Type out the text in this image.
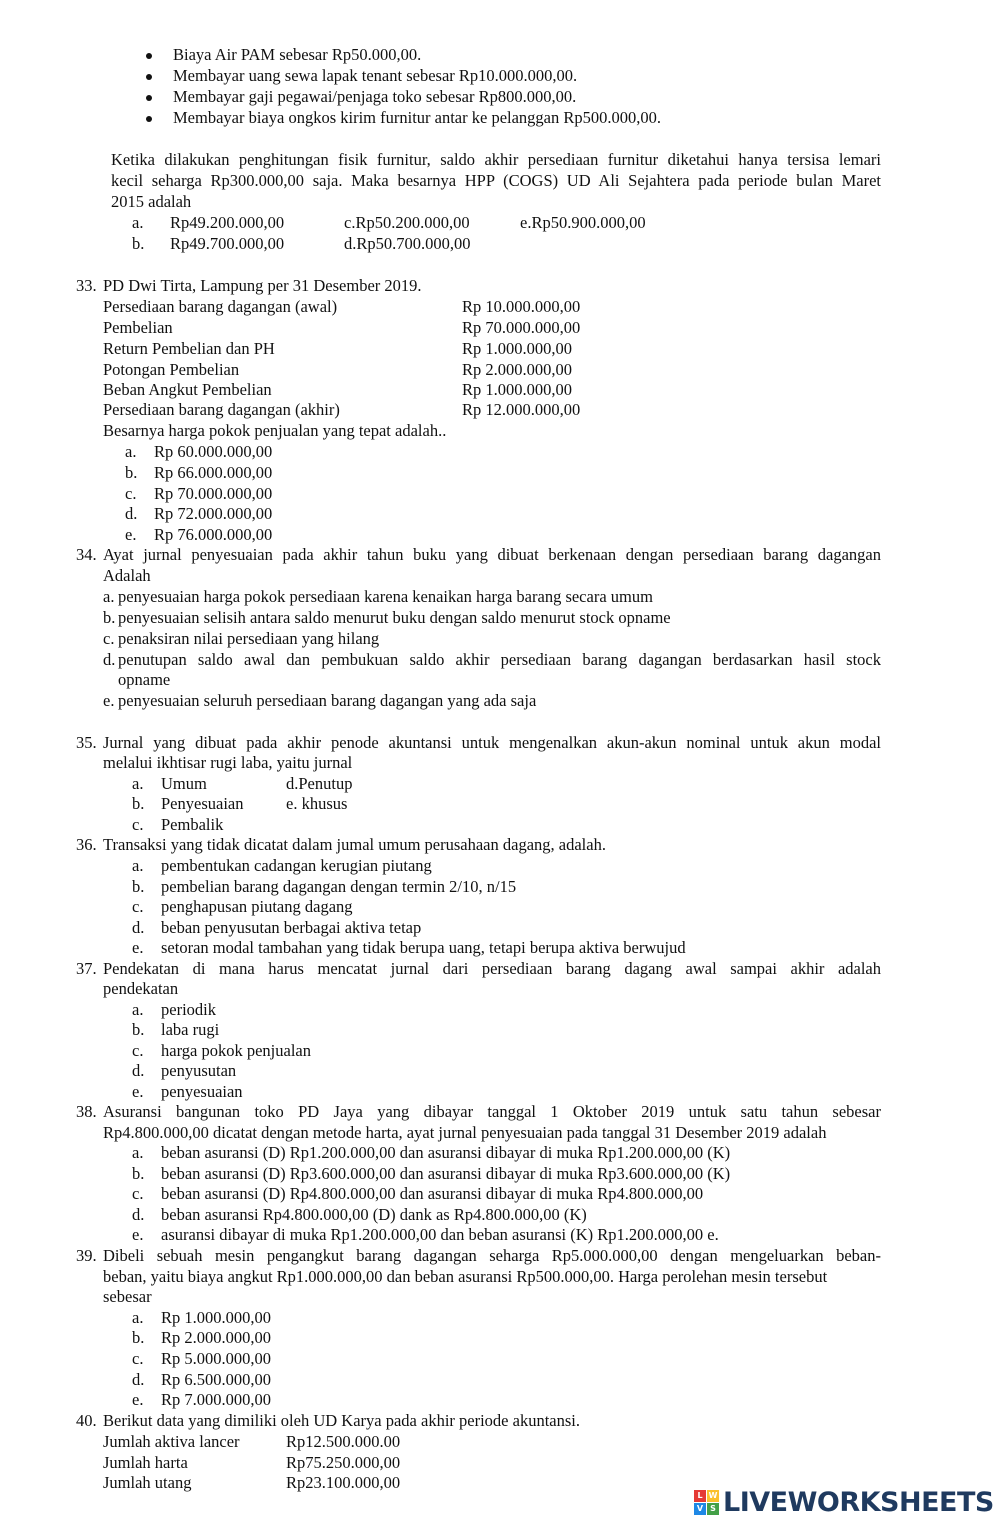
Biaya Air PAM sebesar Rp50.000,00.
Membayar uang sewa lapak tenant sebesar Rp10.000.000,00.
Membayar gaji pegawai/penjaga toko sebesar Rp800.000,00.
Membayar biaya ongkos kirim furnitur antar ke pelanggan Rp500.000,00.
Ketika dilakukan penghitungan fisik furnitur, saldo akhir persediaan furnitur diketahui hanya tersisa lemari
kecil seharga Rp300.000,00 saja. Maka besarnya HPP (COGS) UD Ali Sejahtera pada periode bulan Maret
2015 adalah
a. Rp49.200.000,00	c.Rp50.200.000,00	e.Rp50.900.000,00
b. Rp49.700.000,00	d.Rp50.700.000,00
33. PD Dwi Tirta, Lampung per 31 Desember 2019.
Persediaan barang dagangan (awal)	Rp 10.000.000,00
Pembelian	Rp 70.000.000,00
Return Pembelian dan PH	Rp 1.000.000,00
Potongan Pembelian	Rp 2.000.000,00
Beban Angkut Pembelian	Rp 1.000.000,00
Persediaan barang dagangan (akhir)	Rp 12.000.000,00
Besarnya harga pokok penjualan yang tepat adalah..
a. Rp 60.000.000,00
b. Rp 66.000.000,00
c. Rp 70.000.000,00
d. Rp 72.000.000,00
e. Rp 76.000.000,00
34. Ayat jurnal penyesuaian pada akhir tahun buku yang dibuat berkenaan dengan persediaan barang dagangan
Adalah
a. penyesuaian harga pokok persediaan karena kenaikan harga barang secara umum
b. penyesuaian selisih antara saldo menurut buku dengan saldo menurut stock opname
c. penaksiran nilai persediaan yang hilang
d. penutupan saldo awal dan pembukuan saldo akhir persediaan barang dagangan berdasarkan hasil stock
opname
e. penyesuaian seluruh persediaan barang dagangan yang ada saja
35. Jurnal yang dibuat pada akhir penode akuntansi untuk mengenalkan akun-akun nominal untuk akun modal
melalui ikhtisar rugi laba, yaitu jurnal
a. Umum	d.Penutup
b. Penyesuaian	e. khusus
c. Pembalik
36. Transaksi yang tidak dicatat dalam jumal umum perusahaan dagang, adalah.
a. pembentukan cadangan kerugian piutang
b. pembelian barang dagangan dengan termin 2/10, n/15
c. penghapusan piutang dagang
d. beban penyusutan berbagai aktiva tetap
e. setoran modal tambahan yang tidak berupa uang, tetapi berupa aktiva berwujud
37. Pendekatan di mana harus mencatat jurnal dari persediaan barang dagang awal sampai akhir adalah
pendekatan
a. periodik
b. laba rugi
c. harga pokok penjualan
d. penyusutan
e. penyesuaian
38. Asuransi bangunan toko PD Jaya yang dibayar tanggal 1 Oktober 2019 untuk satu tahun sebesar
Rp4.800.000,00 dicatat dengan metode harta, ayat jurnal penyesuaian pada tanggal 31 Desember 2019 adalah
a. beban asuransi (D) Rp1.200.000,00 dan asuransi dibayar di muka Rp1.200.000,00 (K)
b. beban asuransi (D) Rp3.600.000,00 dan asuransi dibayar di muka Rp3.600.000,00 (K)
c. beban asuransi (D) Rp4.800.000,00 dan asuransi dibayar di muka Rp4.800.000,00
d. beban asuransi Rp4.800.000,00 (D) dank as Rp4.800.000,00 (K)
e. asuransi dibayar di muka Rp1.200.000,00 dan beban asuransi (K) Rp1.200.000,00 e.
39. Dibeli sebuah mesin pengangkut barang dagangan seharga Rp5.000.000,00 dengan mengeluarkan beban-
beban, yaitu biaya angkut Rp1.000.000,00 dan beban asuransi Rp500.000,00. Harga perolehan mesin tersebut
sebesar
a. Rp 1.000.000,00
b. Rp 2.000.000,00
c. Rp 5.000.000,00
d. Rp 6.500.000,00
e. Rp 7.000.000,00
40. Berikut data yang dimiliki oleh UD Karya pada akhir periode akuntansi.
Jumlah aktiva lancer	Rp12.500.000.00
Jumlah harta	Rp75.250.000,00
Jumlah utang	Rp23.100.000,00
L W
V S LIVEWORKSHEETS
